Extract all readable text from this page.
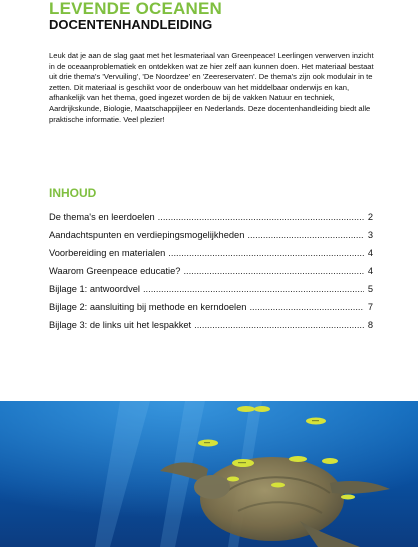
LEVENDE OCEANEN
DOCENTENHANDLEIDING

Leuk dat je aan de slag gaat met het lesmateriaal van Greenpeace! Leerlingen verwerven inzicht in de oceaanproblematiek en ontdekken wat ze hier zelf aan kunnen doen. Het materiaal bestaat uit drie thema's 'Vervuiling', 'De Noordzee' en 'Zeereservaten'. De thema's zijn ook modulair in te zetten. Dit materiaal is geschikt voor de onderbouw van het middelbaar onderwijs en kan, afhankelijk van het thema, goed ingezet worden de bij de vakken Natuur en techniek, Aardrijkskunde, Biologie, Maatschappijleer en Nederlands. Deze docentenhandleiding biedt alle praktische informatie. Veel plezier!

INHOUD
De thema's en leerdoelen .....	2
Aandachtspunten en verdiepingsmogelijkheden .....	3
Voorbereiding en materialen .....	4
Waarom Greenpeace educatie? .....	4
Bijlage 1: antwoordvel .....	5
Bijlage 2: aansluiting bij methode en kerndoelen .....	7
Bijlage 3: de links uit het lespakket .....	8
